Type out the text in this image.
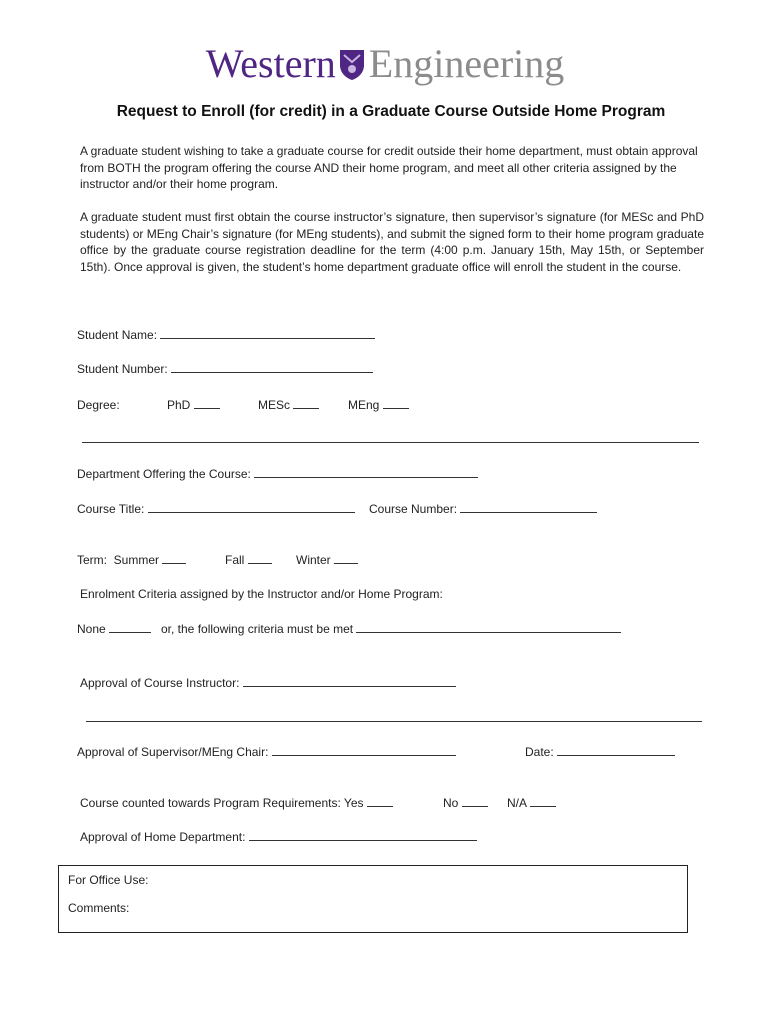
Western Engineering
Request to Enroll (for credit) in a Graduate Course Outside Home Program
A graduate student wishing to take a graduate course for credit outside their home department, must obtain approval from BOTH the program offering the course AND their home program, and meet all other criteria assigned by the instructor and/or their home program.
A graduate student must first obtain the course instructor’s signature, then supervisor’s signature (for MESc and PhD students) or MEng Chair’s signature (for MEng students), and submit the signed form to their home program graduate office by the graduate course registration deadline for the term (4:00 p.m. January 15th, May 15th, or September 15th). Once approval is given, the student’s home department graduate office will enroll the student in the course.
Student Name:
Student Number:
Degree:	PhD	MESc	MEng
Department Offering the Course:
Course Title:	Course Number:
Term: Summer	Fall	Winter
Enrolment Criteria assigned by the Instructor and/or Home Program:
None	or, the following criteria must be met
Approval of Course Instructor:
Approval of Supervisor/MEng Chair:	Date:
Course counted towards Program Requirements: Yes	No	N/A
Approval of Home Department:
For Office Use:
Comments:
